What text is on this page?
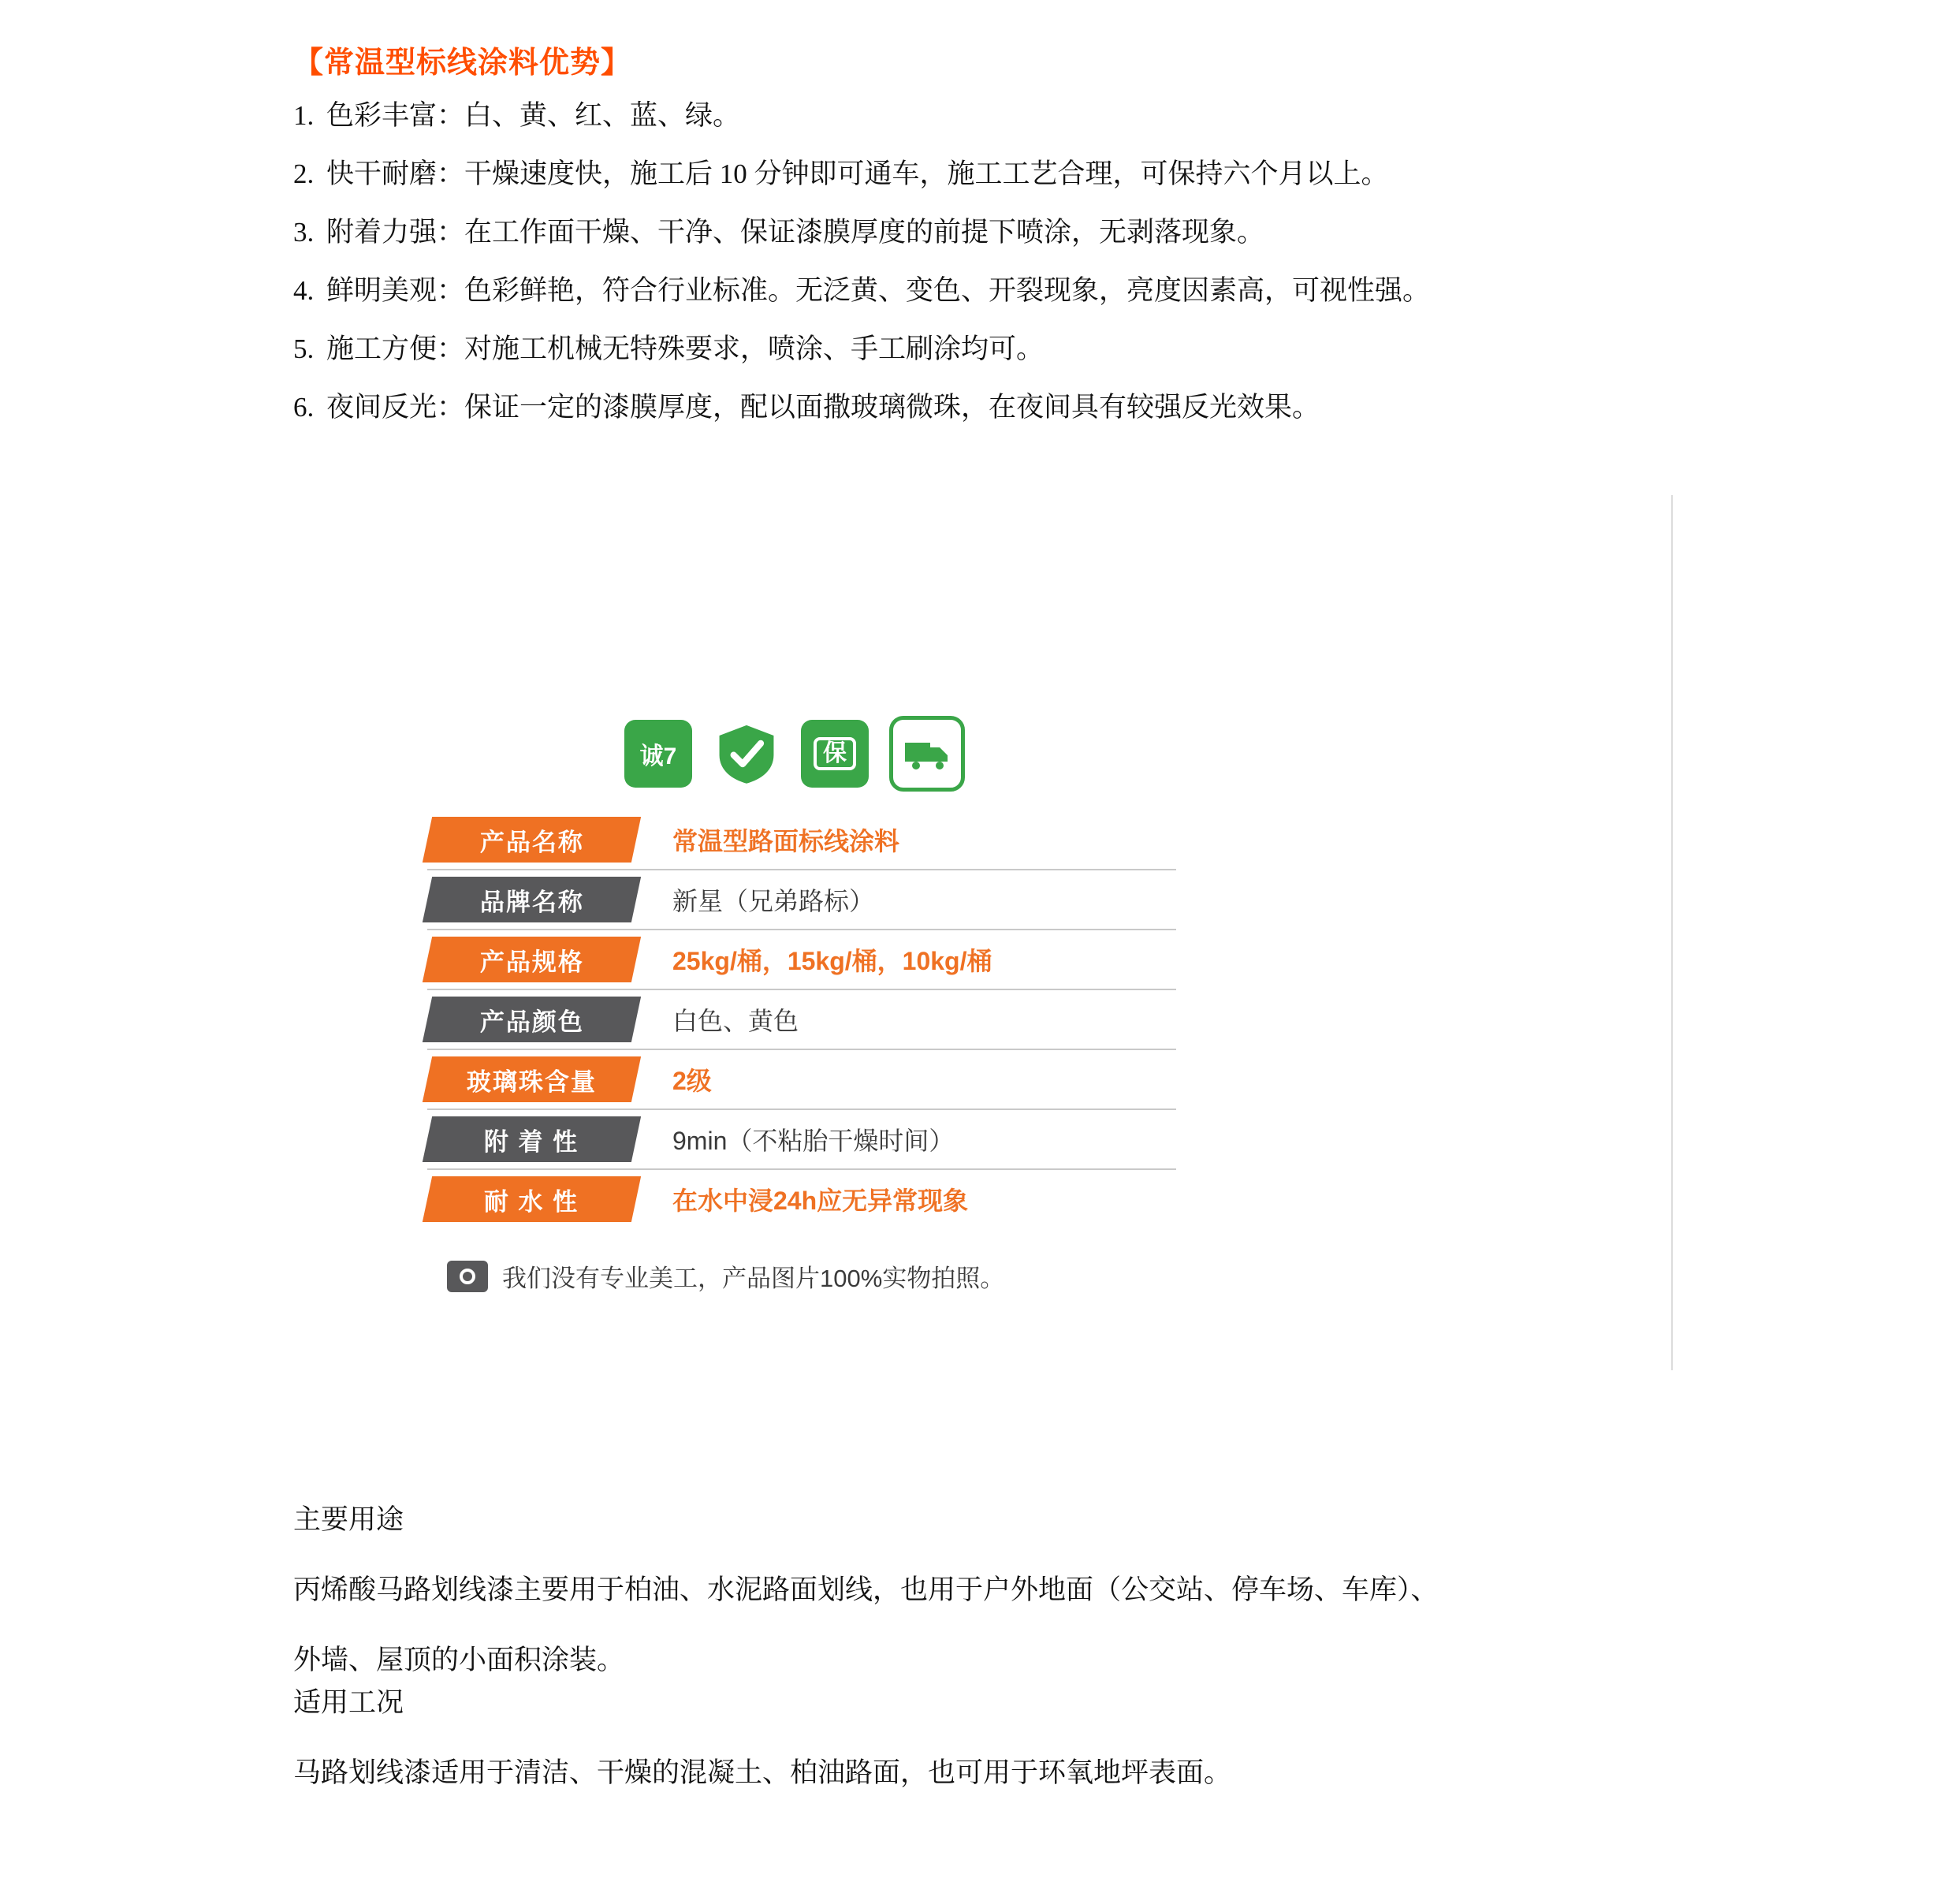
【常温型标线涂料优势】
1. 色彩丰富：白、黄、红、蓝、绿。
2. 快干耐磨：干燥速度快，施工后 10 分钟即可通车，施工工艺合理，可保持六个月以上。
3. 附着力强：在工作面干燥、干净、保证漆膜厚度的前提下喷涂，无剥落现象。
4. 鲜明美观：色彩鲜艳，符合行业标准。无泛黄、变色、开裂现象，亮度因素高，可视性强。
5. 施工方便：对施工机械无特殊要求，喷涂、手工刷涂均可。
6. 夜间反光：保证一定的漆膜厚度，配以面撒玻璃微珠，在夜间具有较强反光效果。
诚7	保
产品名称	常温型路面标线涂料
品牌名称	新星（兄弟路标）
产品规格	25kg/桶，15kg/桶，10kg/桶
产品颜色	白色、黄色
玻璃珠含量	2级
附 着 性	9min（不粘胎干燥时间）
耐 水 性	在水中浸24h应无异常现象
我们没有专业美工，产品图片100%实物拍照。

主要用途

丙烯酸马路划线漆主要用于柏油、水泥路面划线，也用于户外地面（公交站、停车场、车库）、

外墙、屋顶的小面积涂装。

适用工况

马路划线漆适用于清洁、干燥的混凝土、柏油路面，也可用于环氧地坪表面。
